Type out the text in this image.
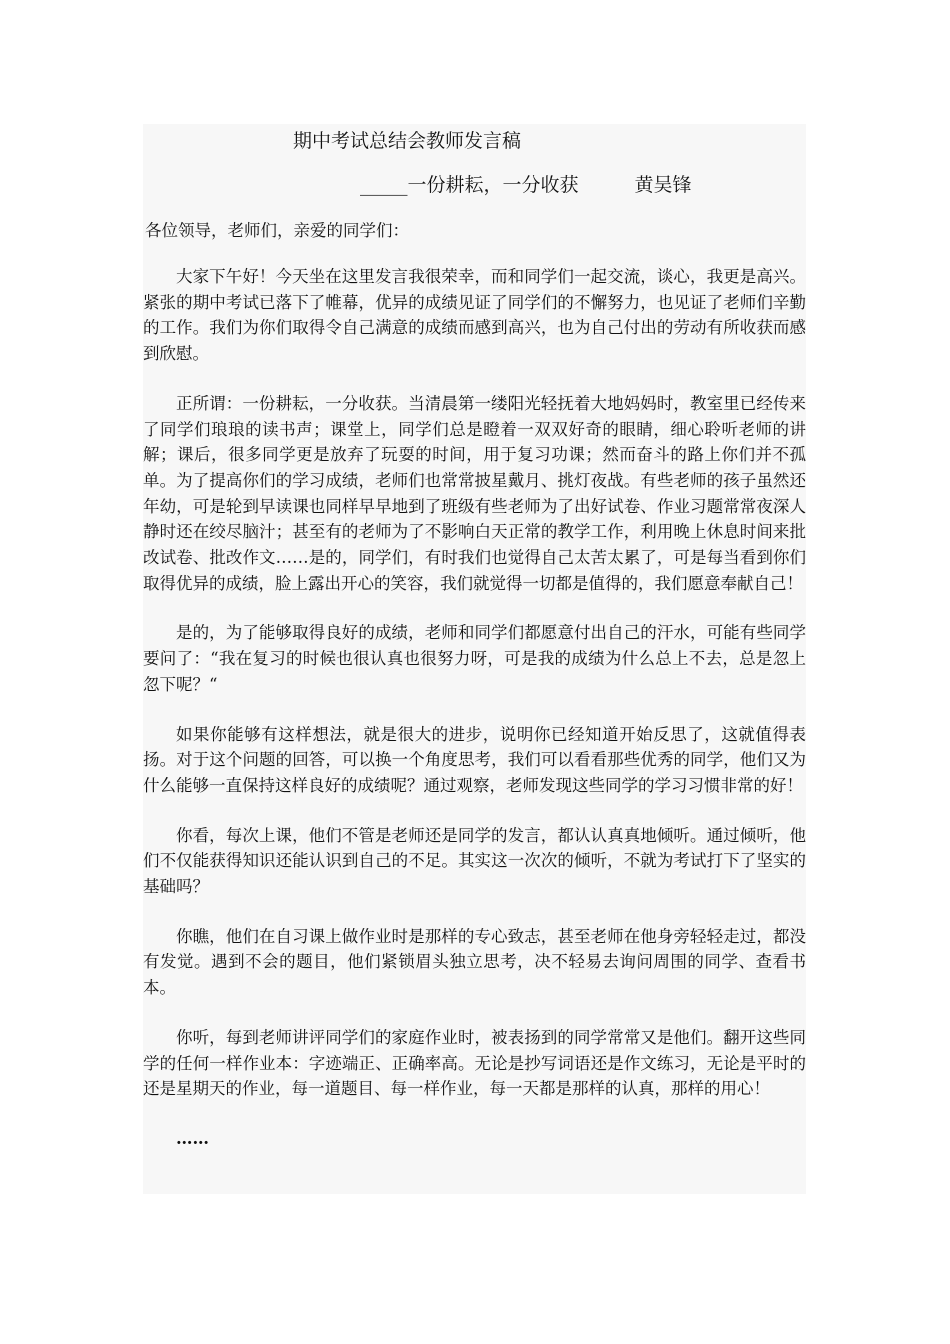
期中考试总结会教师发言稿
_____一份耕耘，一分收获	黄吴锋
各位领导，老师们，亲爱的同学们：

大家下午好！今天坐在这里发言我很荣幸，而和同学们一起交流，谈心，我更是高兴。紧张的期中考试已落下了帷幕，优异的成绩见证了同学们的不懈努力，也见证了老师们辛勤的工作。我们为你们取得令自己满意的成绩而感到高兴，也为自己付出的劳动有所收获而感到欣慰。

正所谓：一份耕耘，一分收获。当清晨第一缕阳光轻抚着大地妈妈时，教室里已经传来了同学们琅琅的读书声；课堂上，同学们总是瞪着一双双好奇的眼睛，细心聆听老师的讲解；课后，很多同学更是放弃了玩耍的时间，用于复习功课；然而奋斗的路上你们并不孤单。为了提高你们的学习成绩，老师们也常常披星戴月、挑灯夜战。有些老师的孩子虽然还年幼，可是轮到早读课也同样早早地到了班级有些老师为了出好试卷、作业习题常常夜深人静时还在绞尽脑汁；甚至有的老师为了不影响白天正常的教学工作，利用晚上休息时间来批改试卷、批改作文……是的，同学们，有时我们也觉得自己太苦太累了，可是每当看到你们取得优异的成绩，脸上露出开心的笑容，我们就觉得一切都是值得的，我们愿意奉献自己！

是的，为了能够取得良好的成绩，老师和同学们都愿意付出自己的汗水，可能有些同学要问了：“我在复习的时候也很认真也很努力呀，可是我的成绩为什么总上不去，总是忽上忽下呢？“

如果你能够有这样想法，就是很大的进步，说明你已经知道开始反思了，这就值得表扬。对于这个问题的回答，可以换一个角度思考，我们可以看看那些优秀的同学，他们又为什么能够一直保持这样良好的成绩呢？通过观察，老师发现这些同学的学习习惯非常的好！

你看，每次上课，他们不管是老师还是同学的发言，都认认真真地倾听。通过倾听，他们不仅能获得知识还能认识到自己的不足。其实这一次次的倾听，不就为考试打下了坚实的基础吗？

你瞧，他们在自习课上做作业时是那样的专心致志，甚至老师在他身旁轻轻走过，都没有发觉。遇到不会的题目，他们紧锁眉头独立思考，决不轻易去询问周围的同学、查看书本。

你听，每到老师讲评同学们的家庭作业时，被表扬到的同学常常又是他们。翻开这些同学的任何一样作业本：字迹端正、正确率高。无论是抄写词语还是作文练习，无论是平时的还是星期天的作业，每一道题目、每一样作业，每一天都是那样的认真，那样的用心！

……
